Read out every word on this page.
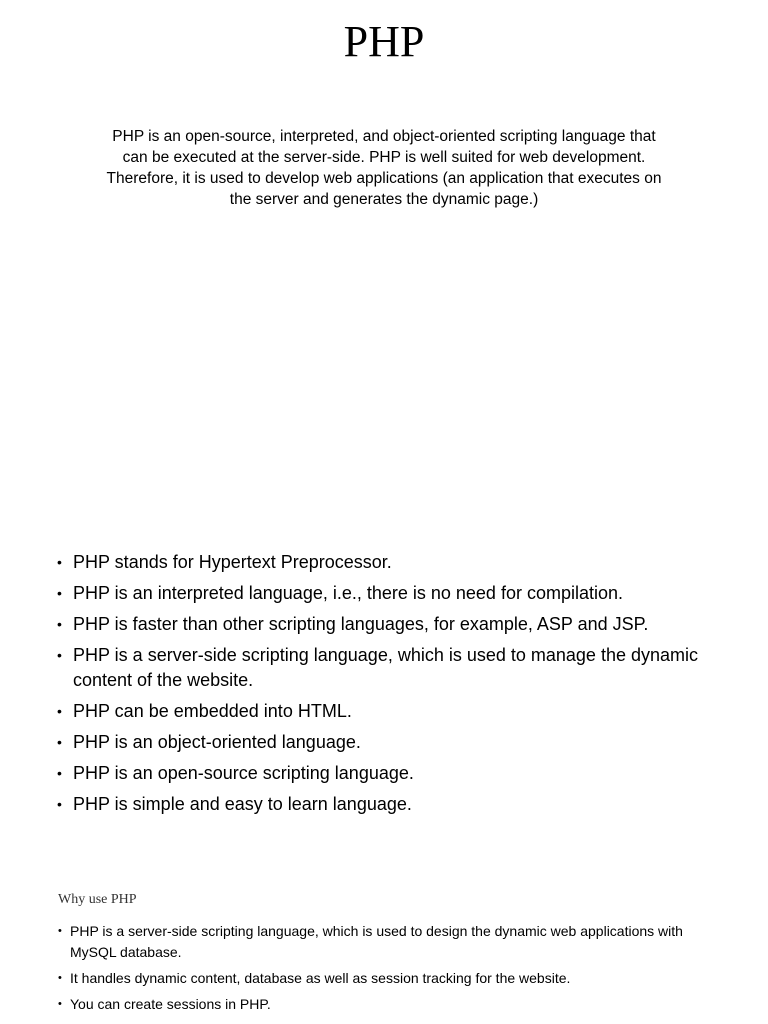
PHP
PHP is an open-source, interpreted, and object-oriented scripting language that can be executed at the server-side. PHP is well suited for web development. Therefore, it is used to develop web applications (an application that executes on the server and generates the dynamic page.)
• PHP stands for Hypertext Preprocessor.
• PHP is an interpreted language, i.e., there is no need for compilation.
• PHP is faster than other scripting languages, for example, ASP and JSP.
• PHP is a server-side scripting language, which is used to manage the dynamic content of the website.
• PHP can be embedded into HTML.
• PHP is an object-oriented language.
• PHP is an open-source scripting language.
• PHP is simple and easy to learn language.
Why use PHP
• PHP is a server-side scripting language, which is used to design the dynamic web applications with MySQL database.
• It handles dynamic content, database as well as session tracking for the website.
• You can create sessions in PHP.
